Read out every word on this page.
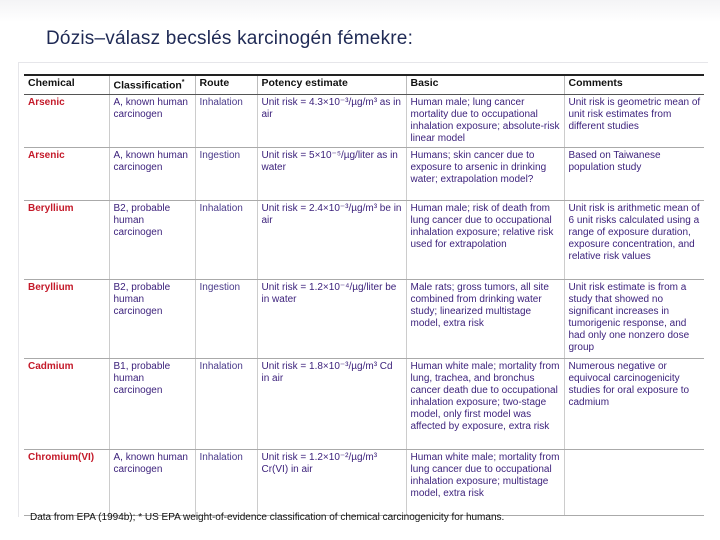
Dózis–válasz becslés karcinogén fémekre:
Chemical	Classification*	Route	Potency estimate	Basic	Comments
Arsenic	A, known human carcinogen	Inhalation	Unit risk = 4.3×10⁻³/µg/m³ as in air	Human male; lung cancer mortality due to occupational inhalation exposure; absolute-risk linear model	Unit risk is geometric mean of unit risk estimates from different studies
Arsenic	A, known human carcinogen	Ingestion	Unit risk = 5×10⁻⁵/µg/liter as in water	Humans; skin cancer due to exposure to arsenic in drinking water; extrapolation model?	Based on Taiwanese population study
Beryllium	B2, probable human carcinogen	Inhalation	Unit risk = 2.4×10⁻³/µg/m³ be in air	Human male; risk of death from lung cancer due to occupational inhalation exposure; relative risk used for extrapolation	Unit risk is arithmetic mean of 6 unit risks calculated using a range of exposure duration, exposure concentration, and relative risk values
Beryllium	B2, probable human carcinogen	Ingestion	Unit risk = 1.2×10⁻⁴/µg/liter be in water	Male rats; gross tumors, all site combined from drinking water study; linearized multistage model, extra risk	Unit risk estimate is from a study that showed no significant increases in tumorigenic response, and had only one nonzero dose group
Cadmium	B1, probable human carcinogen	Inhalation	Unit risk = 1.8×10⁻³/µg/m³ Cd in air	Human white male; mortality from lung, trachea, and bronchus cancer death due to occupational inhalation exposure; two-stage model, only first model was affected by exposure, extra risk	Numerous negative or equivocal carcinogenicity studies for oral exposure to cadmium
Chromium(VI)	A, known human carcinogen	Inhalation	Unit risk = 1.2×10⁻²/µg/m³ Cr(VI) in air	Human white male; mortality from lung cancer due to occupational inhalation exposure; multistage model, extra risk	
Data from EPA (1994b); * US EPA weight-of-evidence classification of chemical carcinogenicity for humans.
